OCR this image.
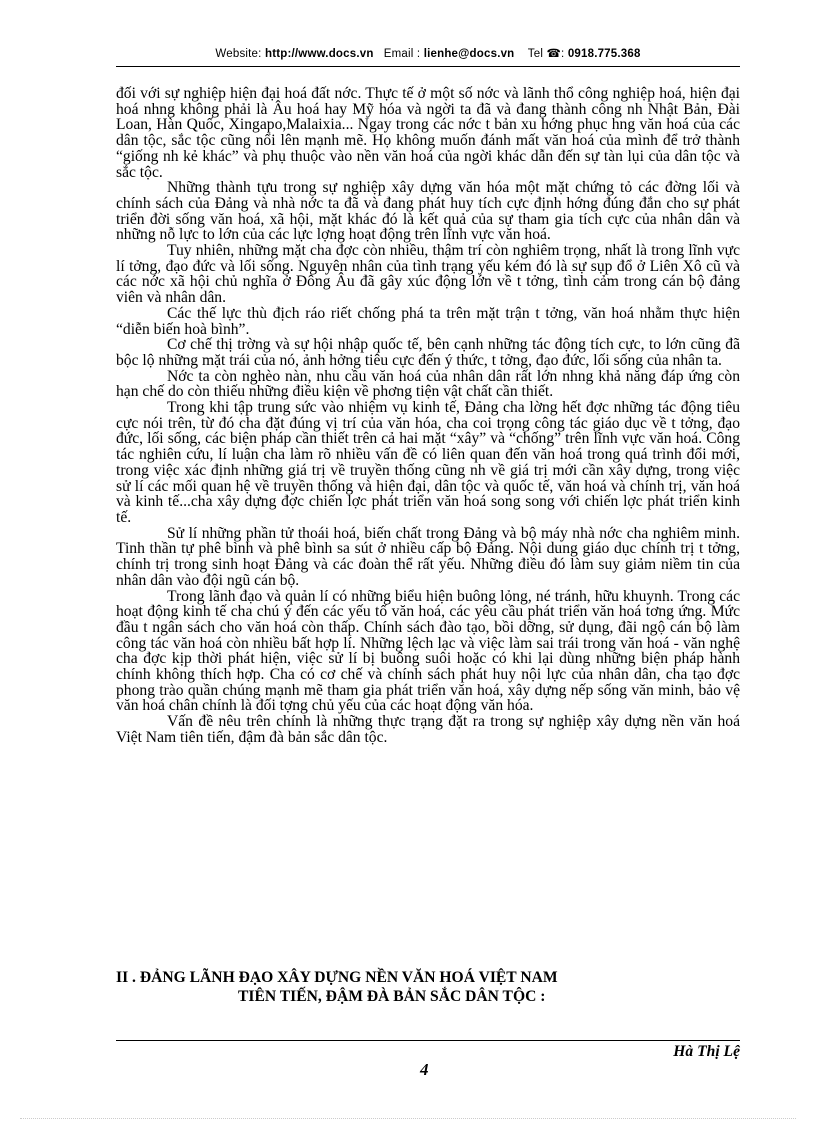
Website: http://www.docs.vn Email : lienhe@docs.vn Tel ☎: 0918.775.368

đối với sự nghiệp hiện đại hoá đất nớc. Thực tế ở một số nớc và lãnh thổ công nghiệp hoá, hiện đại hoá nhng không phải là Âu hoá hay Mỹ hóa và ngời ta đã và đang thành công nh Nhật Bản, Đài Loan, Hàn Quốc, Xingapo,Malaixia... Ngay trong các nớc t bản xu hớng phục hng văn hoá của các dân tộc, sắc tộc cũng nổi lên mạnh mẽ. Họ không muốn đánh mất văn hoá của mình để trở thành “giống nh kẻ khác” và phụ thuộc vào nền văn hoá của ngời khác dẫn đến sự tàn lụi của dân tộc và sắc tộc.

Những thành tựu trong sự nghiệp xây dựng văn hóa một mặt chứng tỏ các đờng lối và chính sách của Đảng và nhà nớc ta đã và đang phát huy tích cực định hớng đúng đắn cho sự phát triển đời sống văn hoá, xã hội, mặt khác đó là kết quả của sự tham gia tích cực của nhân dân và những nỗ lực to lớn của các lực lợng hoạt động trên lĩnh vực văn hoá.

Tuy nhiên, những mặt cha đợc còn nhiều, thậm trí còn nghiêm trọng, nhất là trong lĩnh vực lí tởng, đạo đức và lối sống. Nguyên nhân của tình trạng yếu kém đó là sự sụp đổ ở Liên Xô cũ và các nớc xã hội chủ nghĩa ở Đông Âu đã gây xúc động lớn về t tởng, tình cảm trong cán bộ đảng viên và nhân dân.

Các thế lực thù địch ráo riết chống phá ta trên mặt trận t tởng, văn hoá nhằm thực hiện “diễn biến hoà bình”.

Cơ chế thị trờng và sự hội nhập quốc tế, bên cạnh những tác động tích cực, to lớn cũng đã bộc lộ những mặt trái của nó, ảnh hởng tiêu cực đến ý thức, t tởng, đạo đức, lối sống của nhân ta.

Nớc ta còn nghèo nàn, nhu cầu văn hoá của nhân dân rất lớn nhng khả năng đáp ứng còn hạn chế do còn thiếu những điều kiện về phơng tiện vật chất cần thiết.

Trong khi tập trung sức vào nhiệm vụ kinh tế, Đảng cha lờng hết đợc những tác động tiêu cực nói trên, từ đó cha đặt đúng vị trí của văn hóa, cha coi trọng công tác giáo dục về t tởng, đạo đức, lối sống, các biện pháp cần thiết trên cả hai mặt “xây” và “chống” trên lĩnh vực văn hoá. Công tác nghiên cứu, lí luận cha làm rõ nhiều vấn đề có liên quan đến văn hoá trong quá trình đổi mới, trong việc xác định những giá trị về truyền thống cũng nh về giá trị mới cần xây dựng, trong việc sử lí các mối quan hệ về truyền thống và hiện đại, dân tộc và quốc tế, văn hoá và chính trị, văn hoá và kinh tế...cha xây dựng đợc chiến lợc phát triển văn hoá song song với chiến lợc phát triển kinh tế.

Sử lí những phần tử thoái hoá, biến chất trong Đảng và bộ máy nhà nớc cha nghiêm minh. Tinh thần tự phê bình và phê bình sa sút ở nhiều cấp bộ Đảng. Nội dung giáo dục chính trị t tởng, chính trị trong sinh hoạt Đảng và các đoàn thể rất yếu. Những điều đó làm suy giảm niềm tin của nhân dân vào đội ngũ cán bộ.

Trong lãnh đạo và quản lí có những biểu hiện buông lỏng, né tránh, hữu khuynh. Trong các hoạt động kinh tế cha chú ý đến các yếu tố văn hoá, các yêu cầu phát triển văn hoá tơng ứng. Mức đầu t ngân sách cho văn hoá còn thấp. Chính sách đào tạo, bồi dỡng, sử dụng, đãi ngộ cán bộ làm công tác văn hoá còn nhiều bất hợp lí. Những lệch lạc và việc làm sai trái trong văn hoá - văn nghệ cha đợc kịp thời phát hiện, việc sử lí bị buông suôi hoặc có khi lại dùng những biện pháp hành chính không thích hợp. Cha có cơ chế và chính sách phát huy nội lực của nhân dân, cha tạo đợc phong trào quần chúng mạnh mẽ tham gia phát triển văn hoá, xây dựng nếp sống văn minh, bảo vệ văn hoá chân chính là đối tợng chủ yếu của các hoạt động văn hóa.

Vấn đề nêu trên chính là những thực trạng đặt ra trong sự nghiệp xây dựng nền văn hoá Việt Nam tiên tiến, đậm đà bản sắc dân tộc.

II . ĐẢNG LÃNH ĐẠO XÂY DỰNG NỀN VĂN HOÁ VIỆT NAM
TIÊN TIẾN, ĐẬM ĐÀ BẢN SẮC DÂN TỘC :
Hà Thị Lệ
4
